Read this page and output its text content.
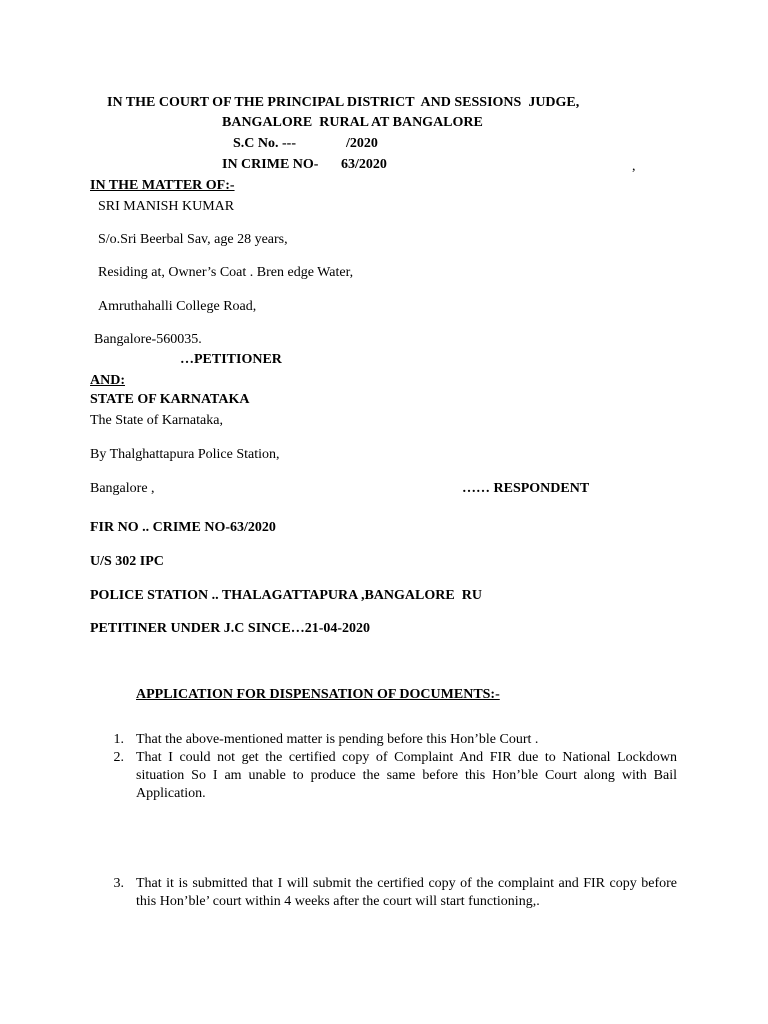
IN THE COURT OF THE PRINCIPAL DISTRICT  AND SESSIONS  JUDGE,
BANGALORE  RURAL AT BANGALORE
S.C No. ---	/2020
IN CRIME NO- 63/2020	,
IN THE MATTER OF:-
SRI MANISH KUMAR
S/o.Sri Beerbal Sav, age 28 years,
Residing at, Owner’s Coat . Bren edge Water,
Amruthahalli College Road,
Bangalore-560035.
…PETITIONER
AND:
STATE OF KARNATAKA
The State of Karnataka,
By Thalghattapura Police Station,
Bangalore ,	…… RESPONDENT
FIR NO .. CRIME NO-63/2020
U/S 302 IPC
POLICE STATION .. THALAGATTAPURA ,BANGALORE  RU
PETITINER UNDER J.C SINCE…21-04-2020
APPLICATION FOR DISPENSATION OF DOCUMENTS:-
1. That the above-mentioned matter is pending before this Hon’ble Court .
2. That I could not get the certified copy of Complaint And FIR due to National Lockdown situation So I am unable to produce the same before this Hon’ble Court along with Bail Application.
3. That it is submitted that I will submit the certified copy of the complaint and FIR copy before this Hon’ble’ court within 4 weeks after the court will start functioning,.
